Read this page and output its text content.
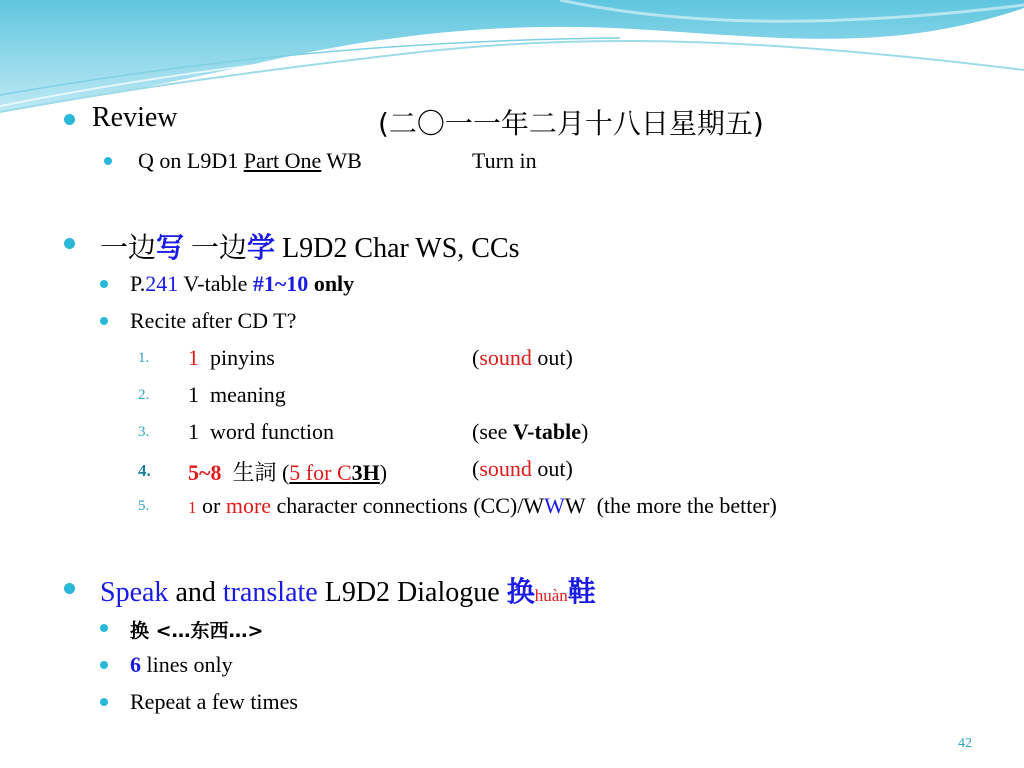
Review	(二〇一一年二月十八日星期五)
Q on L9D1 Part One WB	Turn in
一边写 一边学 L9D2 Char WS, CCs
P.241 V-table #1~10 only
Recite after CD T?
1. 1 pinyins	(sound out)
2. 1 meaning
3. 1 word function	(see V-table)
4. 5~8 生詞 (5 for C3H)	(sound out)
5. 1 or more character connections (CC)/WWW (the more the better)
Speak and translate L9D2 Dialogue 换huàn鞋
换 <…东西…>
6 lines only
Repeat a few times
42
